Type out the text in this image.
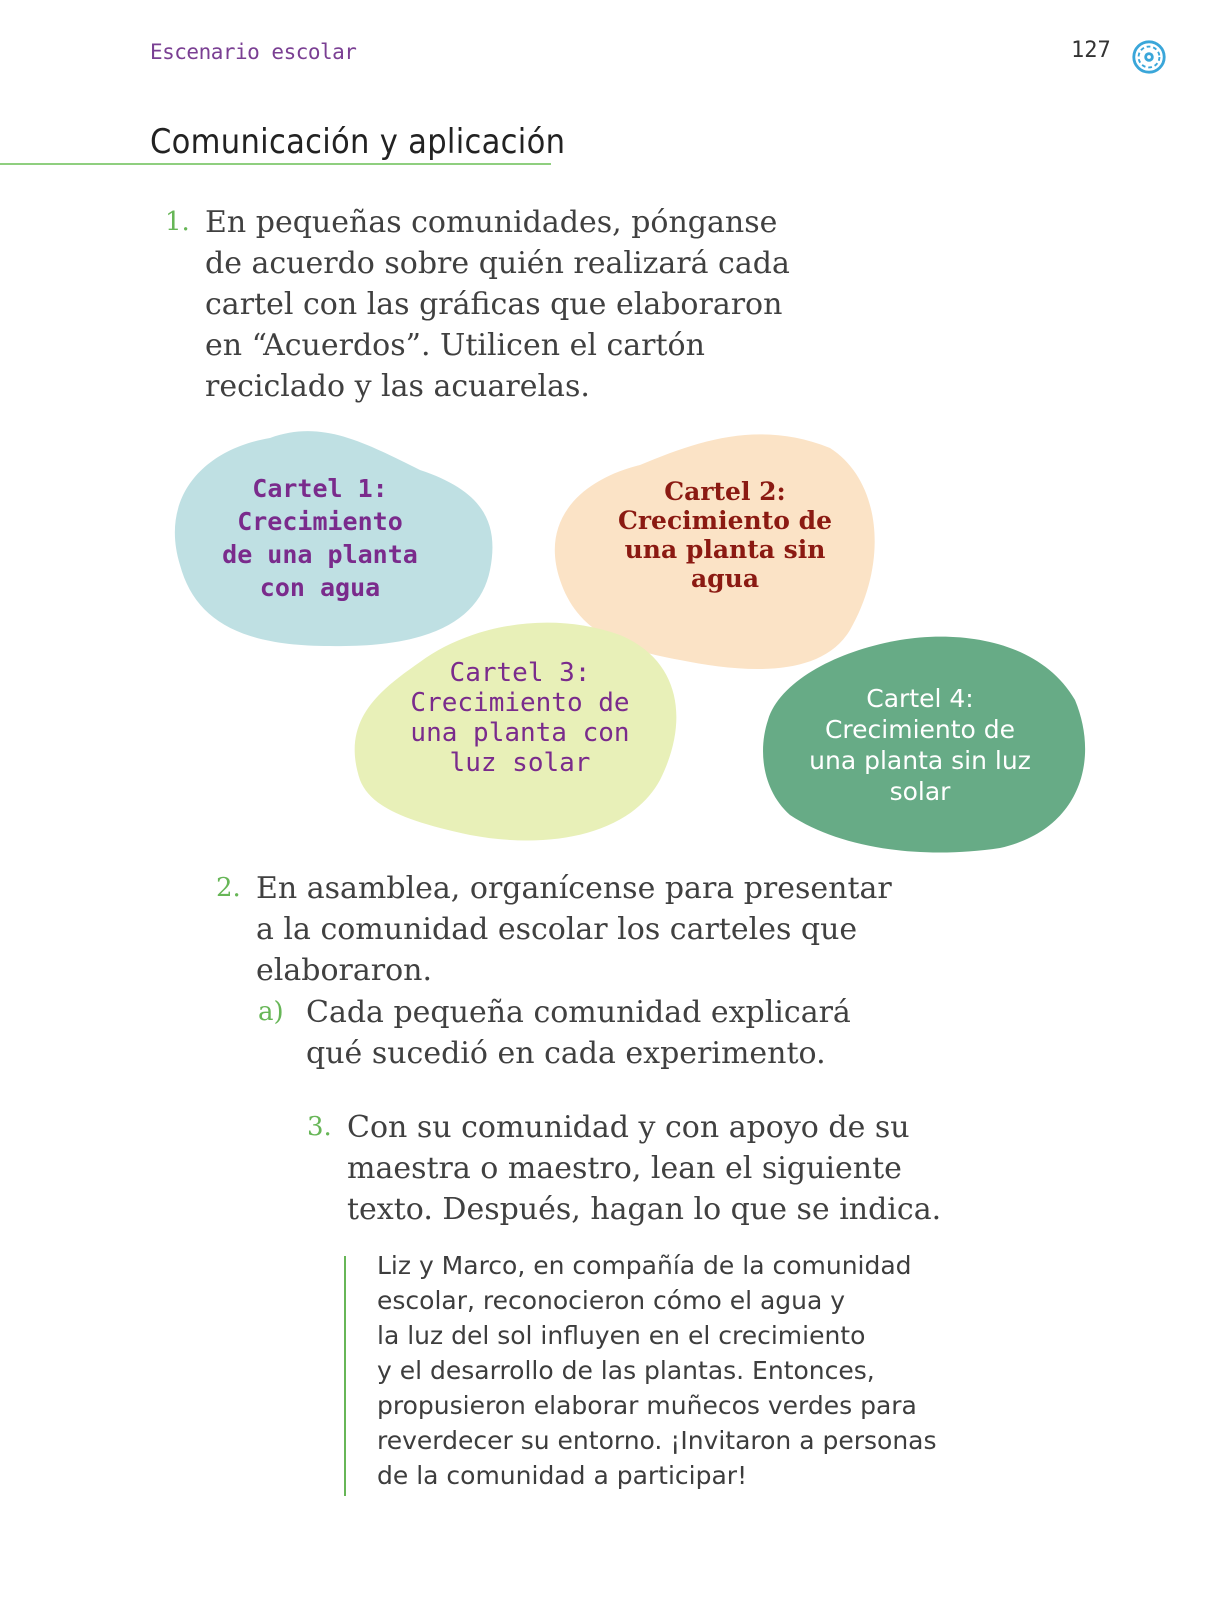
Escenario escolar	127
Comunicación y aplicación
1. En pequeñas comunidades, pónganse

de acuerdo sobre quién realizará cada

cartel con las gráficas que elaboraron

en “Acuerdos”. Utilicen el cartón

reciclado y las acuarelas.

Cartel 1:
Crecimiento
de una planta
con agua
Cartel 2:
Crecimiento de
una planta sin
agua
Cartel 3:
Crecimiento de
una planta con
luz solar
Cartel 4:
Crecimiento de
una planta sin luz
solar
2. En asamblea, organícense para presentar

a la comunidad escolar los carteles que

elaboraron.

a) Cada pequeña comunidad explicará

qué sucedió en cada experimento.

3. Con su comunidad y con apoyo de su

maestra o maestro, lean el siguiente

texto. Después, hagan lo que se indica.

Liz y Marco, en compañía de la comunidad

escolar, reconocieron cómo el agua y

la luz del sol influyen en el crecimiento

y el desarrollo de las plantas. Entonces,

propusieron elaborar muñecos verdes para

reverdecer su entorno. ¡Invitaron a personas

de la comunidad a participar!
